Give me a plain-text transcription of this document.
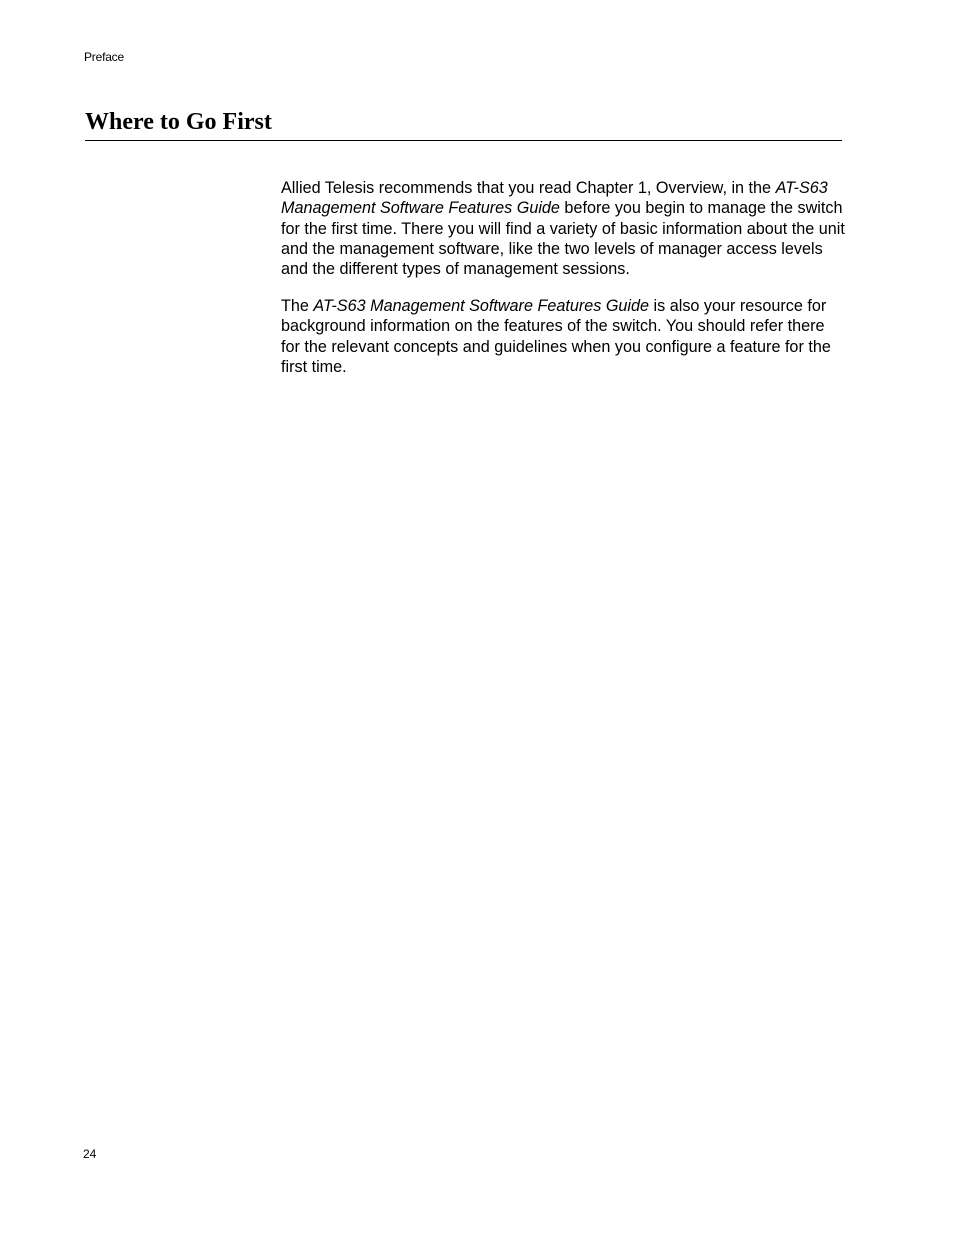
Preface
Where to Go First

Allied Telesis recommends that you read Chapter 1, Overview, in the AT-S63 Management Software Features Guide before you begin to manage the switch for the first time. There you will find a variety of basic information about the unit and the management software, like the two levels of manager access levels and the different types of management sessions.

The AT-S63 Management Software Features Guide is also your resource for background information on the features of the switch. You should refer there for the relevant concepts and guidelines when you configure a feature for the first time.

24
